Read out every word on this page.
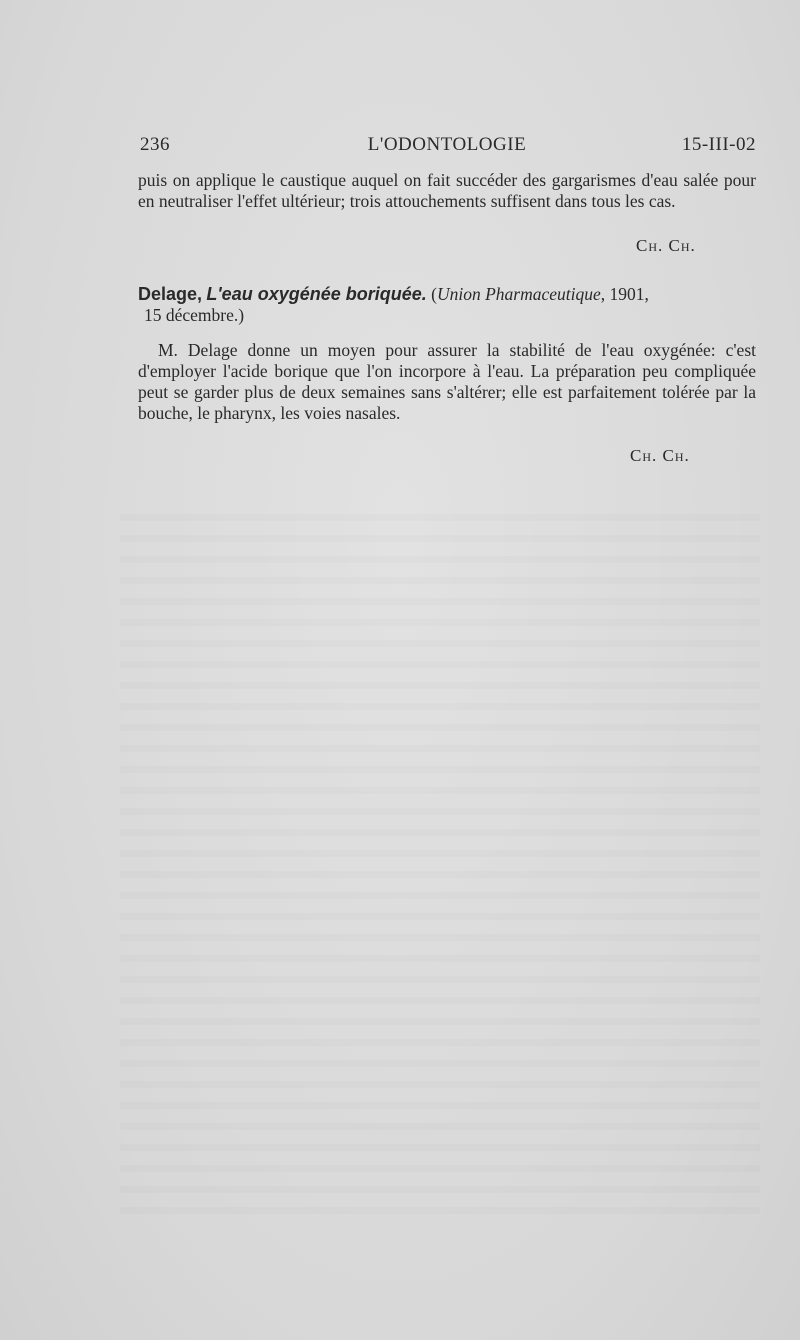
236	L'ODONTOLOGIE	15-III-02
puis on applique le caustique auquel on fait succéder des gargarismes d'eau salée pour en neutraliser l'effet ultérieur; trois attouchements suffisent dans tous les cas.
Ch. Ch.
Delage, L'eau oxygénée boriquée. (Union Pharmaceutique, 1901,
15 décembre.)
M. Delage donne un moyen pour assurer la stabilité de l'eau oxygénée: c'est d'employer l'acide borique que l'on incorpore à l'eau. La préparation peu compliquée peut se garder plus de deux semaines sans s'altérer; elle est parfaitement tolérée par la bouche, le pharynx, les voies nasales.
Ch. Ch.
